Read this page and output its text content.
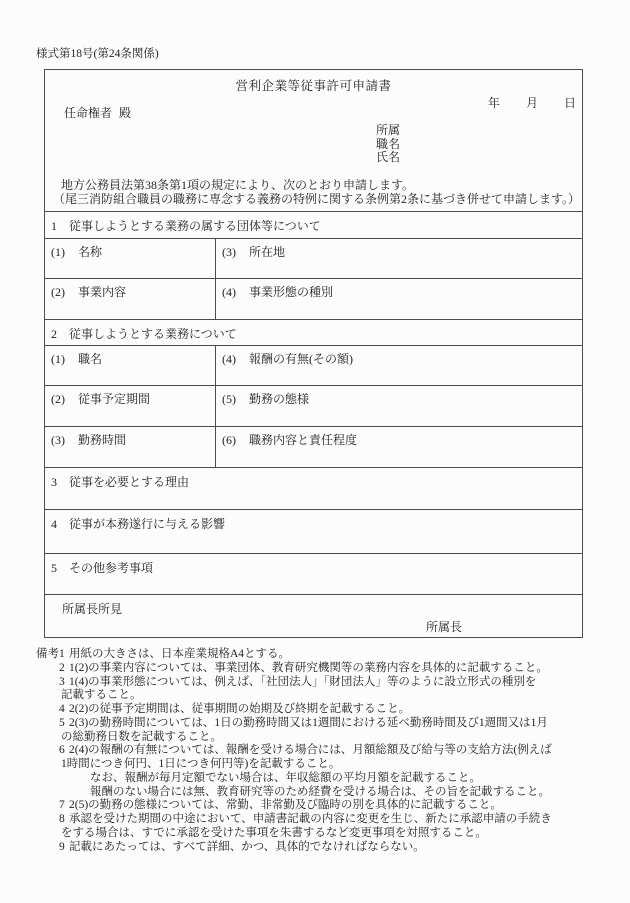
様式第18号(第24条関係)
営利企業等従事許可申請書
年 月 日
任命権者 殿
所属
職名
氏名
地方公務員法第38条第1項の規定により、次のとおり申請します。
（尾三消防組合職員の職務に専念する義務の特例に関する条例第2条に基づき併せて申請します。）
1　従事しようとする業務の属する団体等について
(1) 名称	(3) 所在地
(2) 事業内容	(4) 事業形態の種別
2　従事しようとする業務について
(1) 職名	(4) 報酬の有無(その額)
(2) 従事予定期間	(5) 勤務の態様
(3) 勤務時間	(6) 職務内容と責任程度
3　従事を必要とする理由
4　従事が本務遂行に与える影響
5　その他参考事項
所属長所見
所属長
備考 1 用紙の大きさは、日本産業規格A4とする。
2 1(2)の事業内容については、事業団体、教育研究機関等の業務内容を具体的に記載すること。
3 1(4)の事業形態については、例えば、「社団法人」「財団法人」等のように設立形式の種別を
記載すること。
4 2(2)の従事予定期間は、従事期間の始期及び終期を記載すること。
5 2(3)の勤務時間については、1日の勤務時間又は1週間における延べ勤務時間及び1週間又は1月
の総勤務日数を記載すること。
6 2(4)の報酬の有無については、報酬を受ける場合には、月額総額及び給与等の支給方法(例えば
1時間につき何円、1日につき何円等)を記載すること。
なお、報酬が毎月定額でない場合は、年収総額の平均月額を記載すること。
報酬のない場合には無、教育研究等のため経費を受ける場合は、その旨を記載すること。
7 2(5)の勤務の態様については、常勤、非常勤及び臨時の別を具体的に記載すること。
8 承認を受けた期間の中途において、申請書記載の内容に変更を生じ、新たに承認申請の手続き
をする場合は、すでに承認を受けた事項を朱書するなど変更事項を対照すること。
9 記載にあたっては、すべて詳細、かつ、具体的でなければならない。
